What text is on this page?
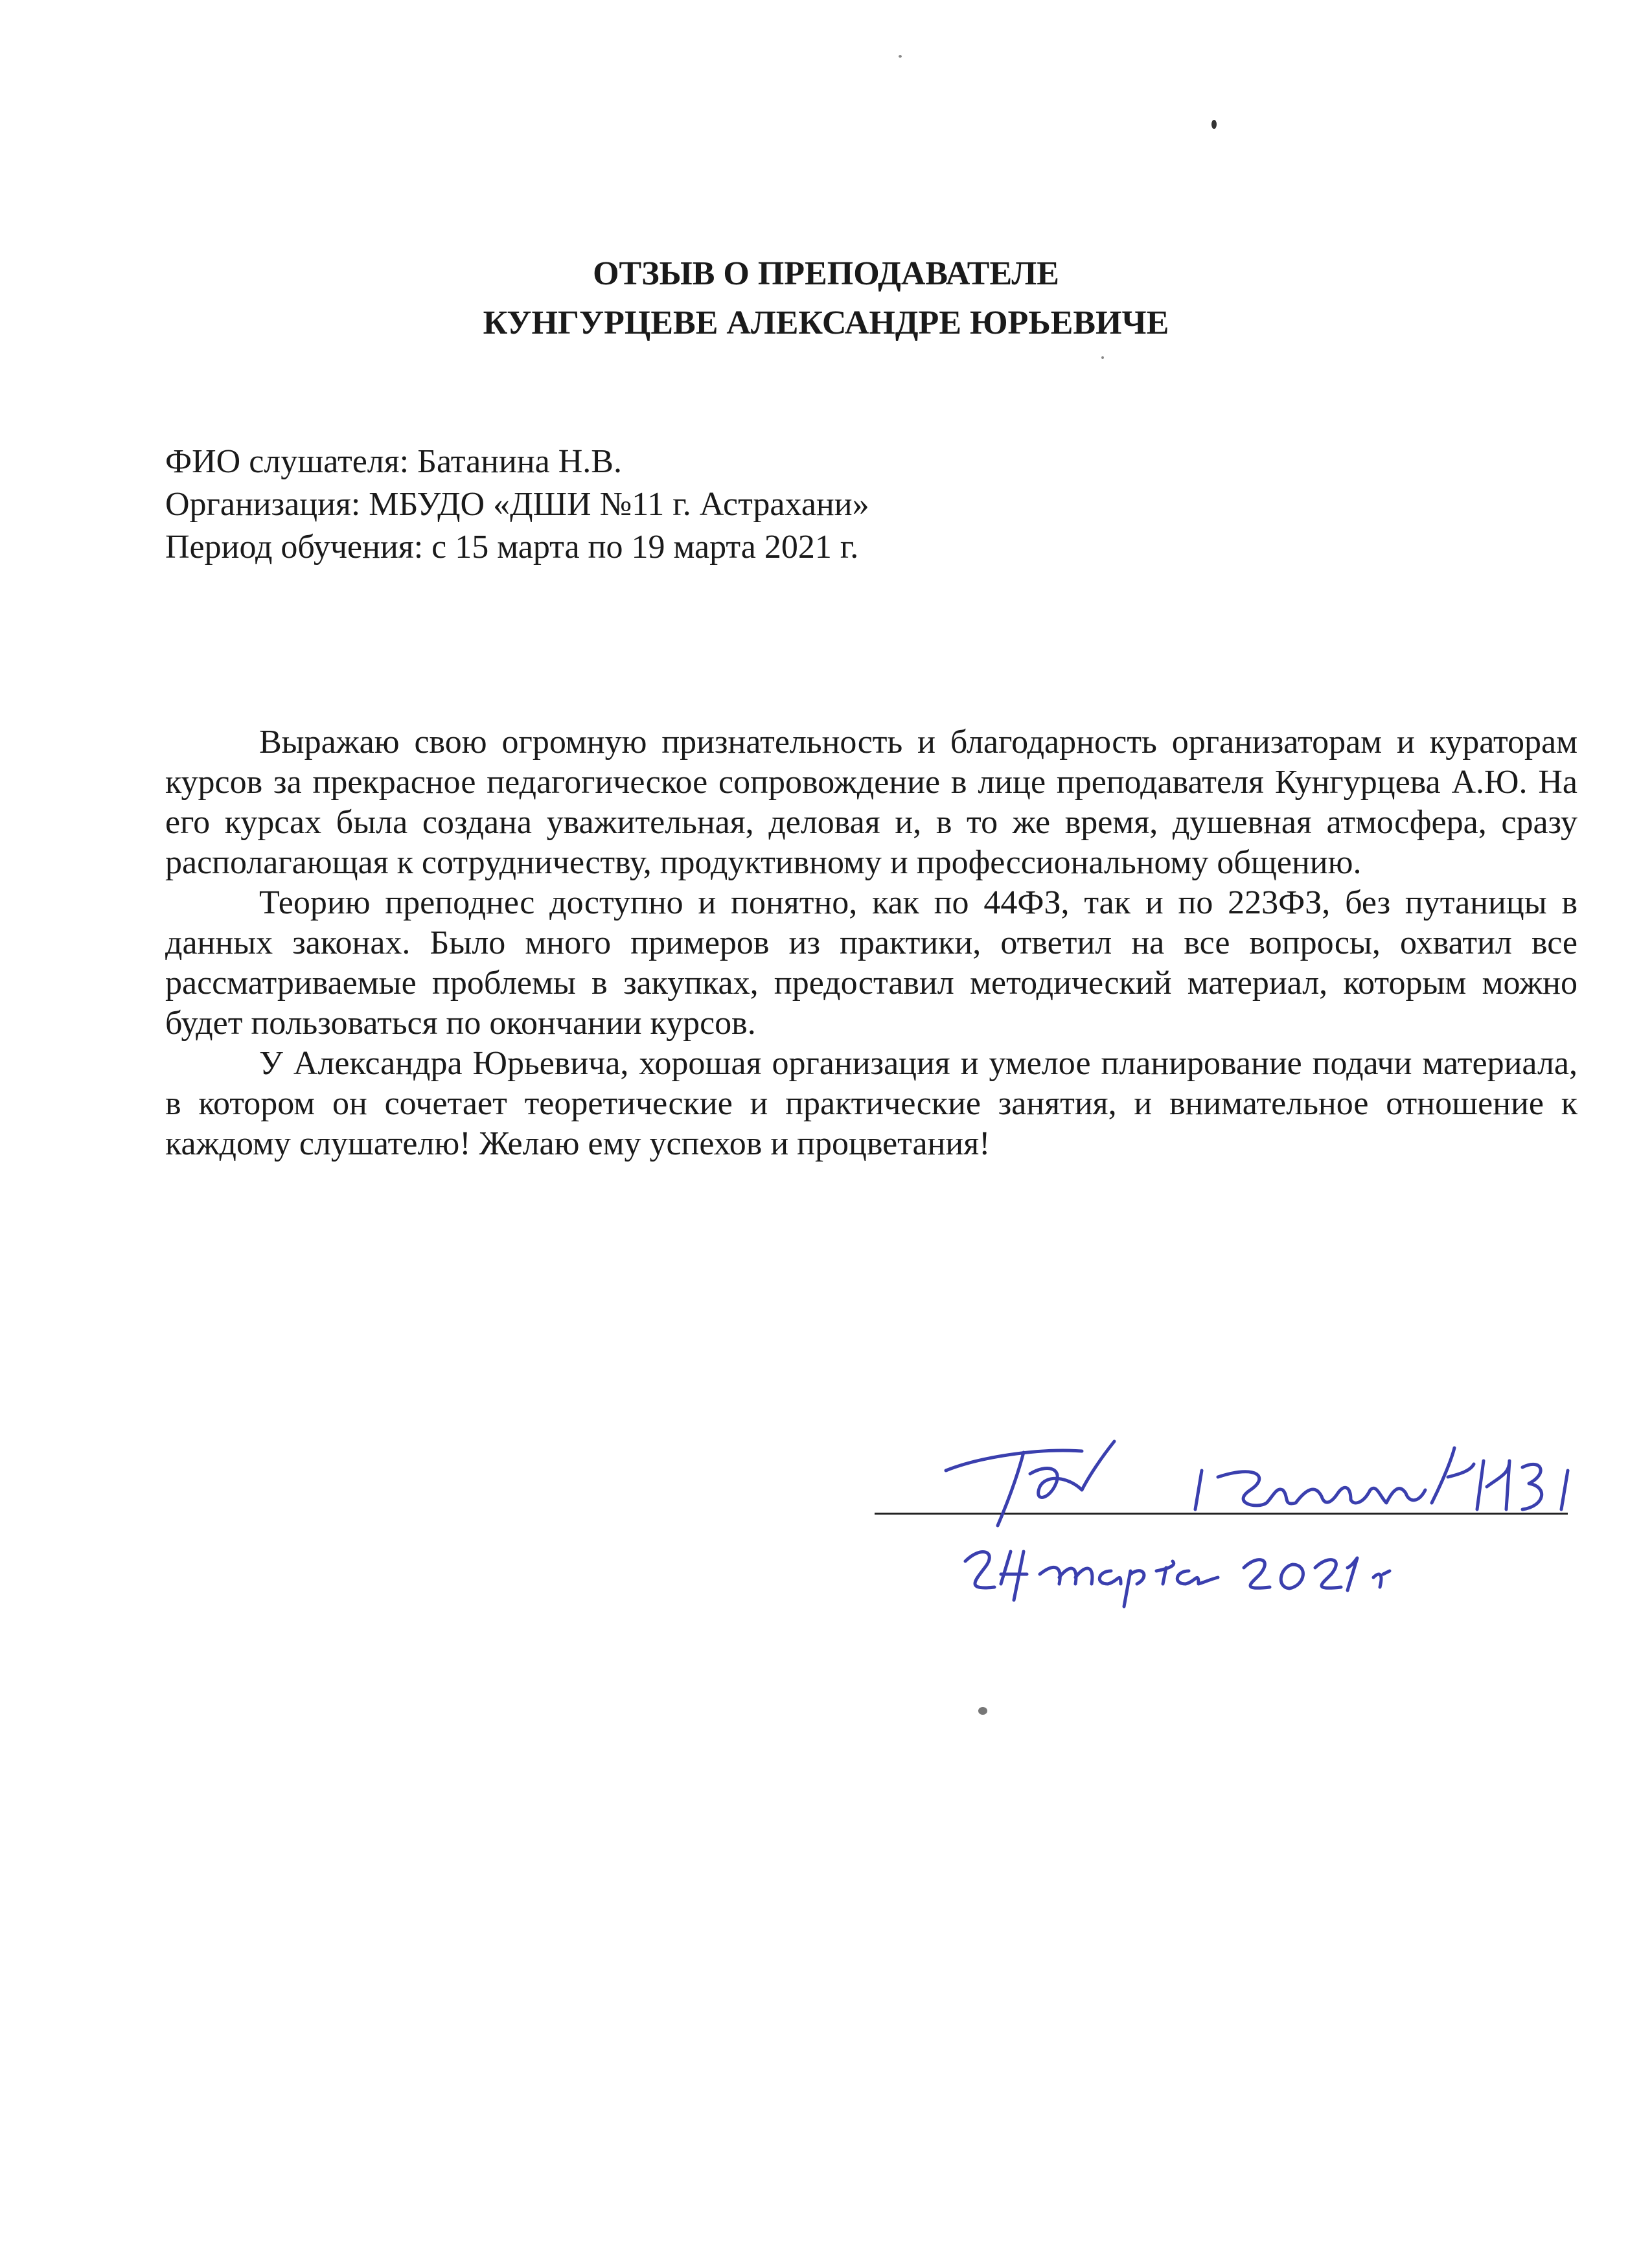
ОТЗЫВ О ПРЕПОДАВАТЕЛЕ
КУНГУРЦЕВЕ АЛЕКСАНДРЕ ЮРЬЕВИЧЕ
ФИО слушателя: Батанина Н.В.
Организация: МБУДО «ДШИ №11 г. Астрахани»
Период обучения: с 15 марта по 19 марта 2021 г.

Выражаю свою огромную признательность и благодарность организаторам и кураторам курсов за прекрасное педагогическое сопровождение в лице преподавателя Кунгурцева А.Ю. На его курсах была создана уважительная, деловая и, в то же время, душевная атмосфера, сразу располагающая к сотрудничеству, продуктивному и профессиональному общению.

Теорию преподнес доступно и понятно, как по 44ФЗ, так и по 223ФЗ, без путаницы в данных законах. Было много примеров из практики, ответил на все вопросы, охватил все рассматриваемые проблемы в закупках, предоставил методический материал, которым можно будет пользоваться по окончании курсов.

У Александра Юрьевича, хорошая организация и умелое планирование подачи материала, в котором он сочетает теоретические и практические занятия, и внимательное отношение к каждому слушателю! Желаю ему успехов и процветания!
